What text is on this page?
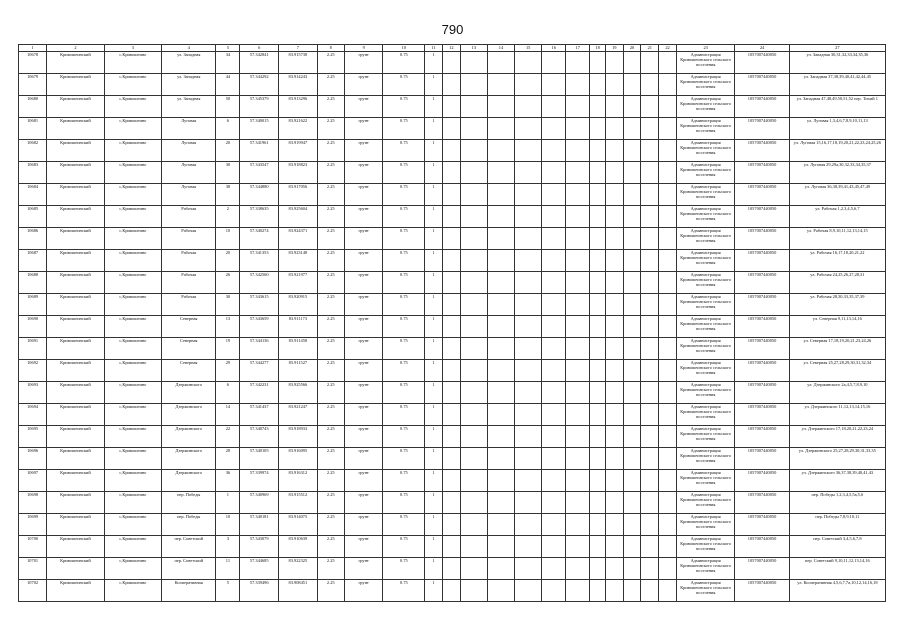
790
1	2	3	4	5	6	7	8	9	10	11	12	13	14	15	16	17	18	19	20	21	22	23	24	27
10678	Кривошеинский	с.Кривошеино	ул. Западная	34	57.342841	83.915738	2.25	грунт	0.75	1												Администрация Кривошеинского сельского поселения	1057007440050	ул. Западная 30,31,32,33,34,35,36
10679	Кривошеинский	с.Кривошеино	ул. Западная	44	57.344292	83.914243	2.25	грунт	0.75	1												Администрация Кривошеинского сельского поселения	1057007440050	ул. Западная 37,38,39,40,41,42,44,45
10680	Кривошеинский	с.Кривошеино	ул. Западная	50	57.345379	83.913296	2.25	грунт	0.75	1												Администрация Кривошеинского сельского поселения	1057007440050	ул. Западная 47,48,49,50,51,52 пер. Тихий 1
10681	Кривошеинский	с.Кривошеино	Луговая	6	57.340015	83.921622	2.25	грунт	0.75	1												Администрация Кривошеинского сельского поселения	1057007440050	ул. Луговая 1,3,4,6,7,8,9,10,11,13
10682	Кривошеинский	с.Кривошеино	Луговая	20	57.341961	83.919947	2.25	грунт	0.75	1												Администрация Кривошеинского сельского поселения	1057007440050	ул. Луговая 15,16,17,18,19,20,21,22,23,24,25,26
10683	Кривошеинский	с.Кривошеино	Луговая	30	57.343547	83.918823	2.25	грунт	0.75	1												Администрация Кривошеинского сельского поселения	1057007440050	ул. Луговая 29,29а,30,32,33,34,35,37
10684	Кривошеинский	с.Кривошеино	Луговая	38	57.344880	83.917056	2.25	грунт	0.75	1												Администрация Кривошеинского сельского поселения	1057007440050	ул. Луговая 36,38,39,41,43,45,47,49
10685	Кривошеинский	с.Кривошеино	Рабочая	2	57.338635	83.925604	2.25	грунт	0.75	1												Администрация Кривошеинского сельского поселения	1057007440050	ул. Рабочая 1,2,3,4,5,6,7
10686	Кривошеинский	с.Кривошеино	Рабочая	10	57.340274	83.924371	2.25	грунт	0.75	1												Администрация Кривошеинского сельского поселения	1057007440050	ул. Рабочая 8,9,10,11,12,13,14,15
10687	Кривошеинский	с.Кривошеино	Рабочая	20	57.341353	83.923148	2.25	грунт	0.75	1												Администрация Кривошеинского сельского поселения	1057007440050	ул. Рабочая 16,17,18,20,21,22
10688	Кривошеинский	с.Кривошеино	Рабочая	26	57.342560	83.921977	2.25	грунт	0.75	1												Администрация Кривошеинского сельского поселения	1057007440050	ул. Рабочая 24,25,26,27,28,31
10689	Кривошеинский	с.Кривошеино	Рабочая	30	57.343615	83.920915	2.25	грунт	0.75	1												Администрация Кривошеинского сельского поселения	1057007440050	ул. Рабочая 28,30,33,35,37,39
10690	Кривошеинский	с.Кривошеино	Северная	13	57.343659	83.911173	2.25	грунт	0.75	1												Администрация Кривошеинского сельского поселения	1057007440050	ул. Северная 9,11,13,14,16
10691	Кривошеинский	с.Кривошеино	Северная	19	57.344136	83.911458	2.25	грунт	0.75	1												Администрация Кривошеинского сельского поселения	1057007440050	ул. Северная 17,18,19,20,21,23,24,26
10692	Кривошеинский	с.Кривошеино	Северная	29	57.344277	83.911527	2.25	грунт	0.75	1												Администрация Кривошеинского сельского поселения	1057007440050	ул. Северная 25,27,28,29,30,31,32,34
10693	Кривошеинский	с.Кривошеино	Дзержинского	6	57.342231	83.925566	2.25	грунт	0.75	1												Администрация Кривошеинского сельского поселения	1057007440050	ул. Дзержинского 2а,4,5,7,8,9,10
10694	Кривошеинский	с.Кривошеино	Дзержинского	14	57.341437	83.921247	2.25	грунт	0.75	1												Администрация Кривошеинского сельского поселения	1057007440050	ул. Дзержинского 11,12,13,14,15,16
10695	Кривошеинский	с.Кривошеино	Дзержинского	22	57.340743	83.918933	2.25	грунт	0.75	1												Администрация Кривошеинского сельского поселения	1057007440050	ул. Дзержинского 17,18,20,21,22,23,24
10696	Кривошеинский	с.Кривошеино	Дзержинского	28	57.340105	83.916095	2.25	грунт	0.75	1												Администрация Кривошеинского сельского поселения	1057007440050	ул. Дзержинского 25,27,28,29,30,31,33,35
10697	Кривошеинский	с.Кривошеино	Дзержинского	36	57.339974	83.916312	2.25	грунт	0.75	1												Администрация Кривошеинского сельского поселения	1057007440050	ул. Дзержинского 36,37,38,39,40,41,43
10698	Кривошеинский	с.Кривошеино	пер. Победы	1	57.340969	83.915512	2.25	грунт	0.75	1												Администрация Кривошеинского сельского поселения	1057007440050	пер. Победы 1,2,3,4,5,5а,5,6
10699	Кривошеинский	с.Кривошеино	пер. Победы	10	57.340181	83.914075	2.25	грунт	0.75	1												Администрация Кривошеинского сельского поселения	1057007440050	пер. Победы 7,8,9,10,11
10700	Кривошеинский	с.Кривошеино	пер. Советский	3	57.343079	83.910639	2.25	грунт	0.75	1												Администрация Кривошеинского сельского поселения	1057007440050	пер. Советский 3,4,5,6,7,8
10701	Кривошеинский	с.Кривошеино	пер. Советский	11	57.344685	83.922325	2.25	грунт	0.75	1												Администрация Кривошеинского сельского поселения	1057007440050	пер. Советский 9,10,11,12,13,14,16
10702	Кривошеинский	с.Кривошеино	Кооперативная	5	57.339496	83.908451	2.25	грунт	0.75	1												Администрация Кривошеинского сельского поселения	1057007440050	ул. Кооперативная 4,5,6,7,7а,10,12,14,16,18
